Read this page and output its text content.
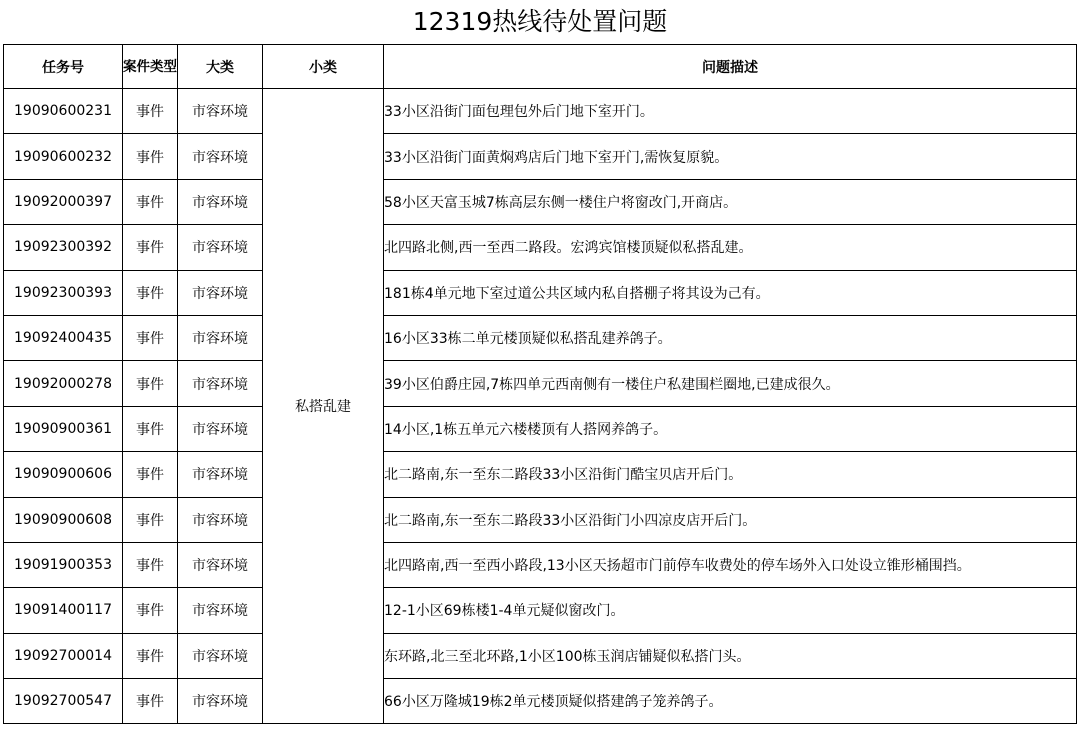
12319热线待处置问题
任务号	案件类型	大类	小类	问题描述
19090600231	事件	市容环境	私搭乱建	33小区沿街门面包理包外后门地下室开门。
19090600232	事件	市容环境		33小区沿街门面黄焖鸡店后门地下室开门,需恢复原貌。
19092000397	事件	市容环境		58小区天富玉城7栋高层东侧一楼住户将窗改门,开商店。
19092300392	事件	市容环境		北四路北侧,西一至西二路段。宏鸿宾馆楼顶疑似私搭乱建。
19092300393	事件	市容环境		181栋4单元地下室过道公共区域内私自搭棚子将其设为己有。
19092400435	事件	市容环境		16小区33栋二单元楼顶疑似私搭乱建养鸽子。
19092000278	事件	市容环境		39小区伯爵庄园,7栋四单元西南侧有一楼住户私建围栏圈地,已建成很久。
19090900361	事件	市容环境		14小区,1栋五单元六楼楼顶有人搭网养鸽子。
19090900606	事件	市容环境		北二路南,东一至东二路段33小区沿街门酷宝贝店开后门。
19090900608	事件	市容环境		北二路南,东一至东二路段33小区沿街门小四凉皮店开后门。
19091900353	事件	市容环境		北四路南,西一至西小路段,13小区天扬超市门前停车收费处的停车场外入口处设立锥形桶围挡。
19091400117	事件	市容环境		12-1小区69栋楼1-4单元疑似窗改门。
19092700014	事件	市容环境		东环路,北三至北环路,1小区100栋玉润店铺疑似私搭门头。
19092700547	事件	市容环境		66小区万隆城19栋2单元楼顶疑似搭建鸽子笼养鸽子。
